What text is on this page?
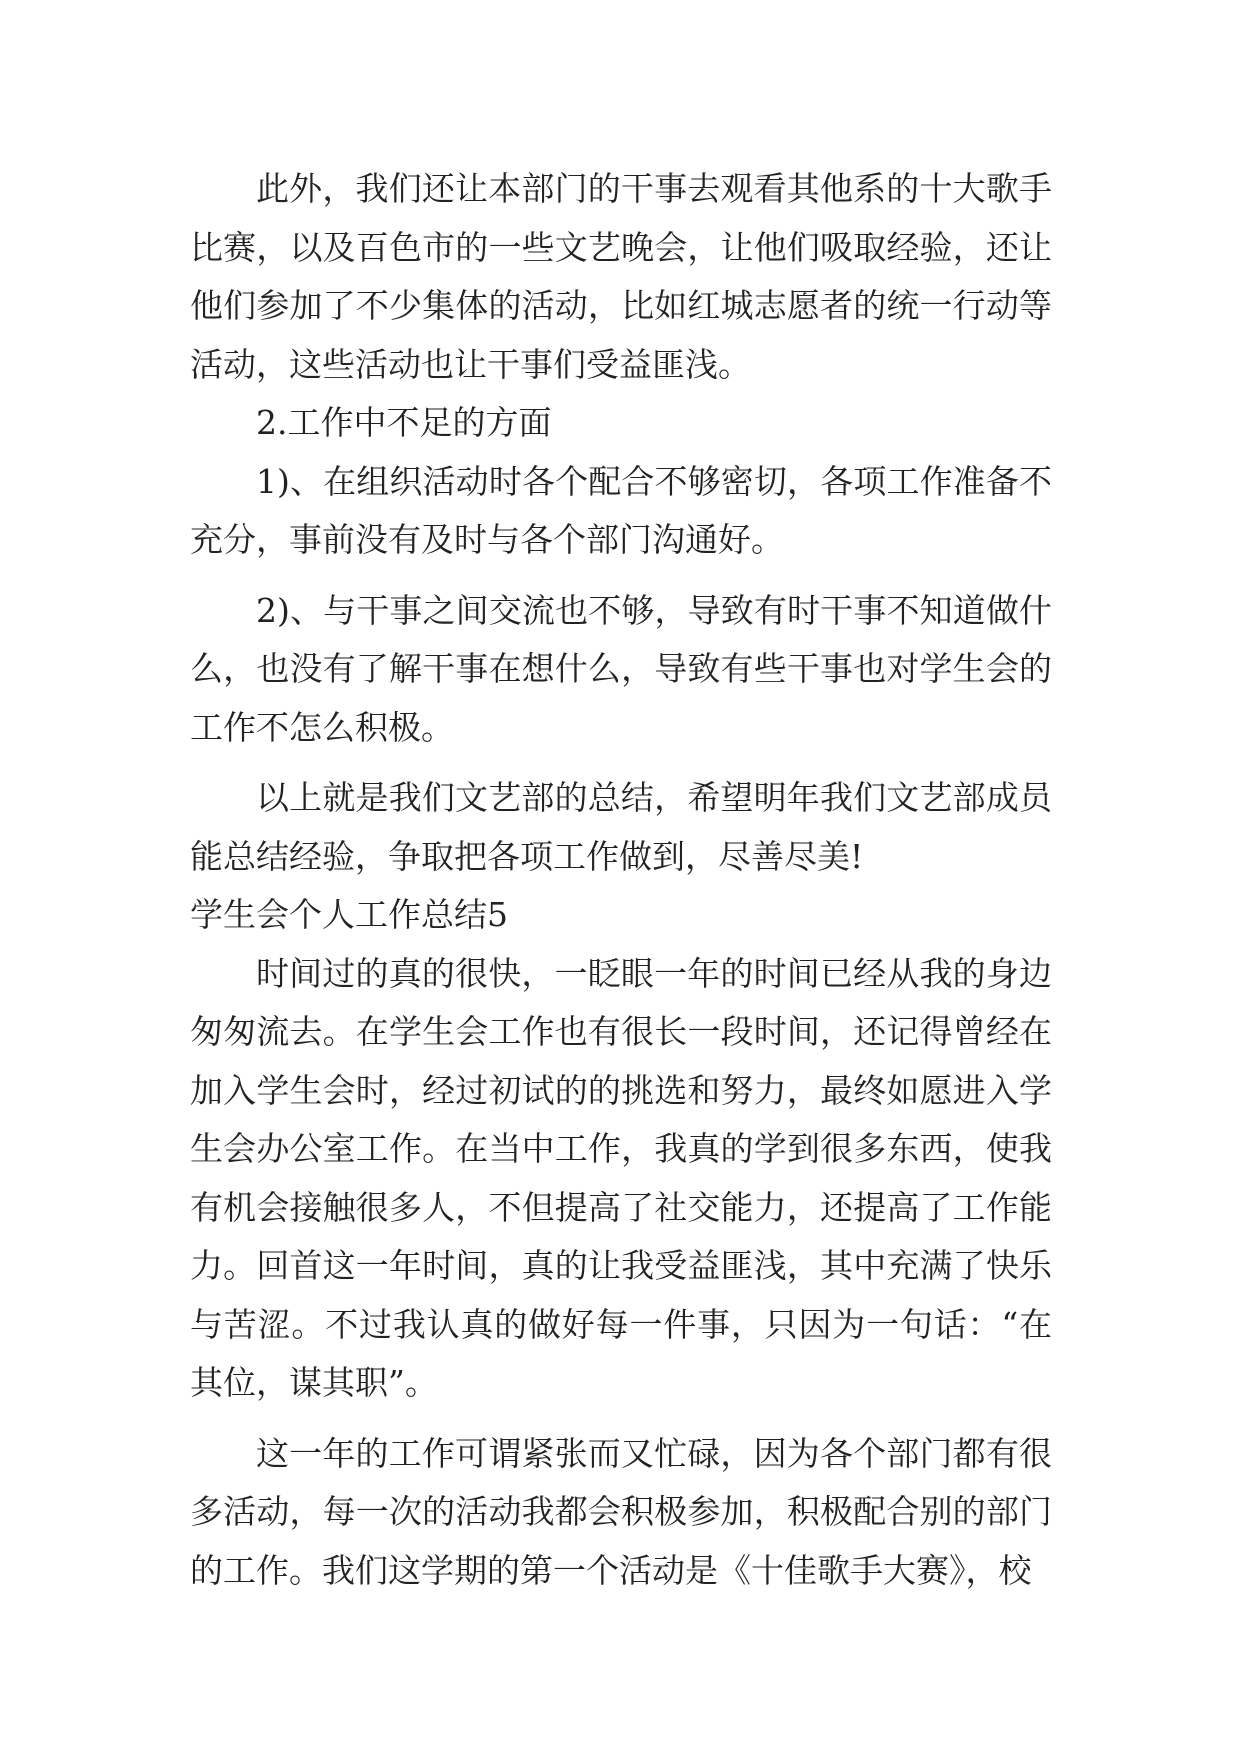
此外，我们还让本部门的干事去观看其他系的十大歌手比赛，以及百色市的一些文艺晚会，让他们吸取经验，还让他们参加了不少集体的活动，比如红城志愿者的统一行动等活动，这些活动也让干事们受益匪浅。

2.工作中不足的方面

1)、在组织活动时各个配合不够密切，各项工作准备不充分，事前没有及时与各个部门沟通好。

2)、与干事之间交流也不够，导致有时干事不知道做什么，也没有了解干事在想什么，导致有些干事也对学生会的工作不怎么积极。

以上就是我们文艺部的总结，希望明年我们文艺部成员能总结经验，争取把各项工作做到，尽善尽美!

学生会个人工作总结5

时间过的真的很快，一眨眼一年的时间已经从我的身边匆匆流去。在学生会工作也有很长一段时间，还记得曾经在加入学生会时，经过初试的的挑选和努力，最终如愿进入学生会办公室工作。在当中工作，我真的学到很多东西，使我有机会接触很多人，不但提高了社交能力，还提高了工作能力。回首这一年时间，真的让我受益匪浅，其中充满了快乐与苦涩。不过我认真的做好每一件事，只因为一句话：“在其位，谋其职”。

这一年的工作可谓紧张而又忙碌，因为各个部门都有很多活动，每一次的活动我都会积极参加，积极配合别的部门的工作。我们这学期的第一个活动是《十佳歌手大赛》，校
